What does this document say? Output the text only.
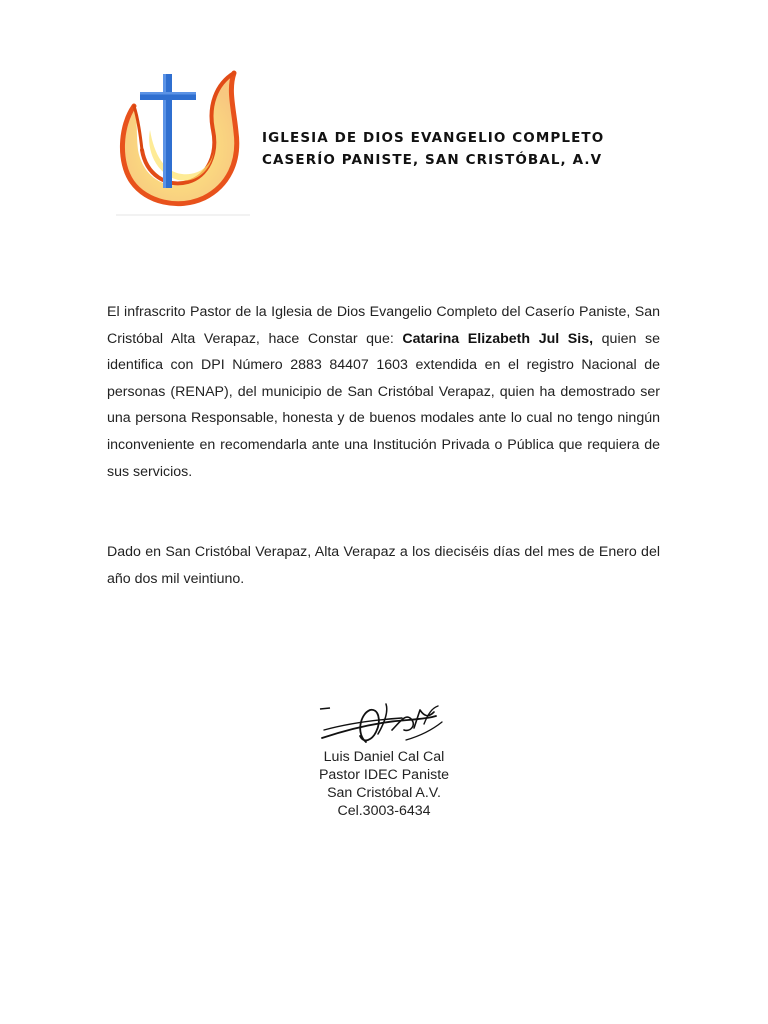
IGLESIA DE DIOS EVANGELIO COMPLETO
CASERÍO PANISTE, SAN CRISTÓBAL, A.V
El infrascrito Pastor de la Iglesia de Dios Evangelio Completo del Caserío Paniste, San Cristóbal Alta Verapaz, hace Constar que: Catarina Elizabeth Jul Sis, quien se identifica con DPI Número 2883 84407 1603 extendida en el registro Nacional de personas (RENAP), del municipio de San Cristóbal Verapaz, quien ha demostrado ser una persona Responsable, honesta y de buenos modales ante lo cual no tengo ningún inconveniente en recomendarla ante una Institución Privada o Pública que requiera de sus servicios.
Dado en San Cristóbal Verapaz, Alta Verapaz a los dieciséis días del mes de Enero del año dos mil veintiuno.
Luis Daniel Cal Cal
Pastor IDEC Paniste
San Cristóbal A.V.
Cel.3003-6434
